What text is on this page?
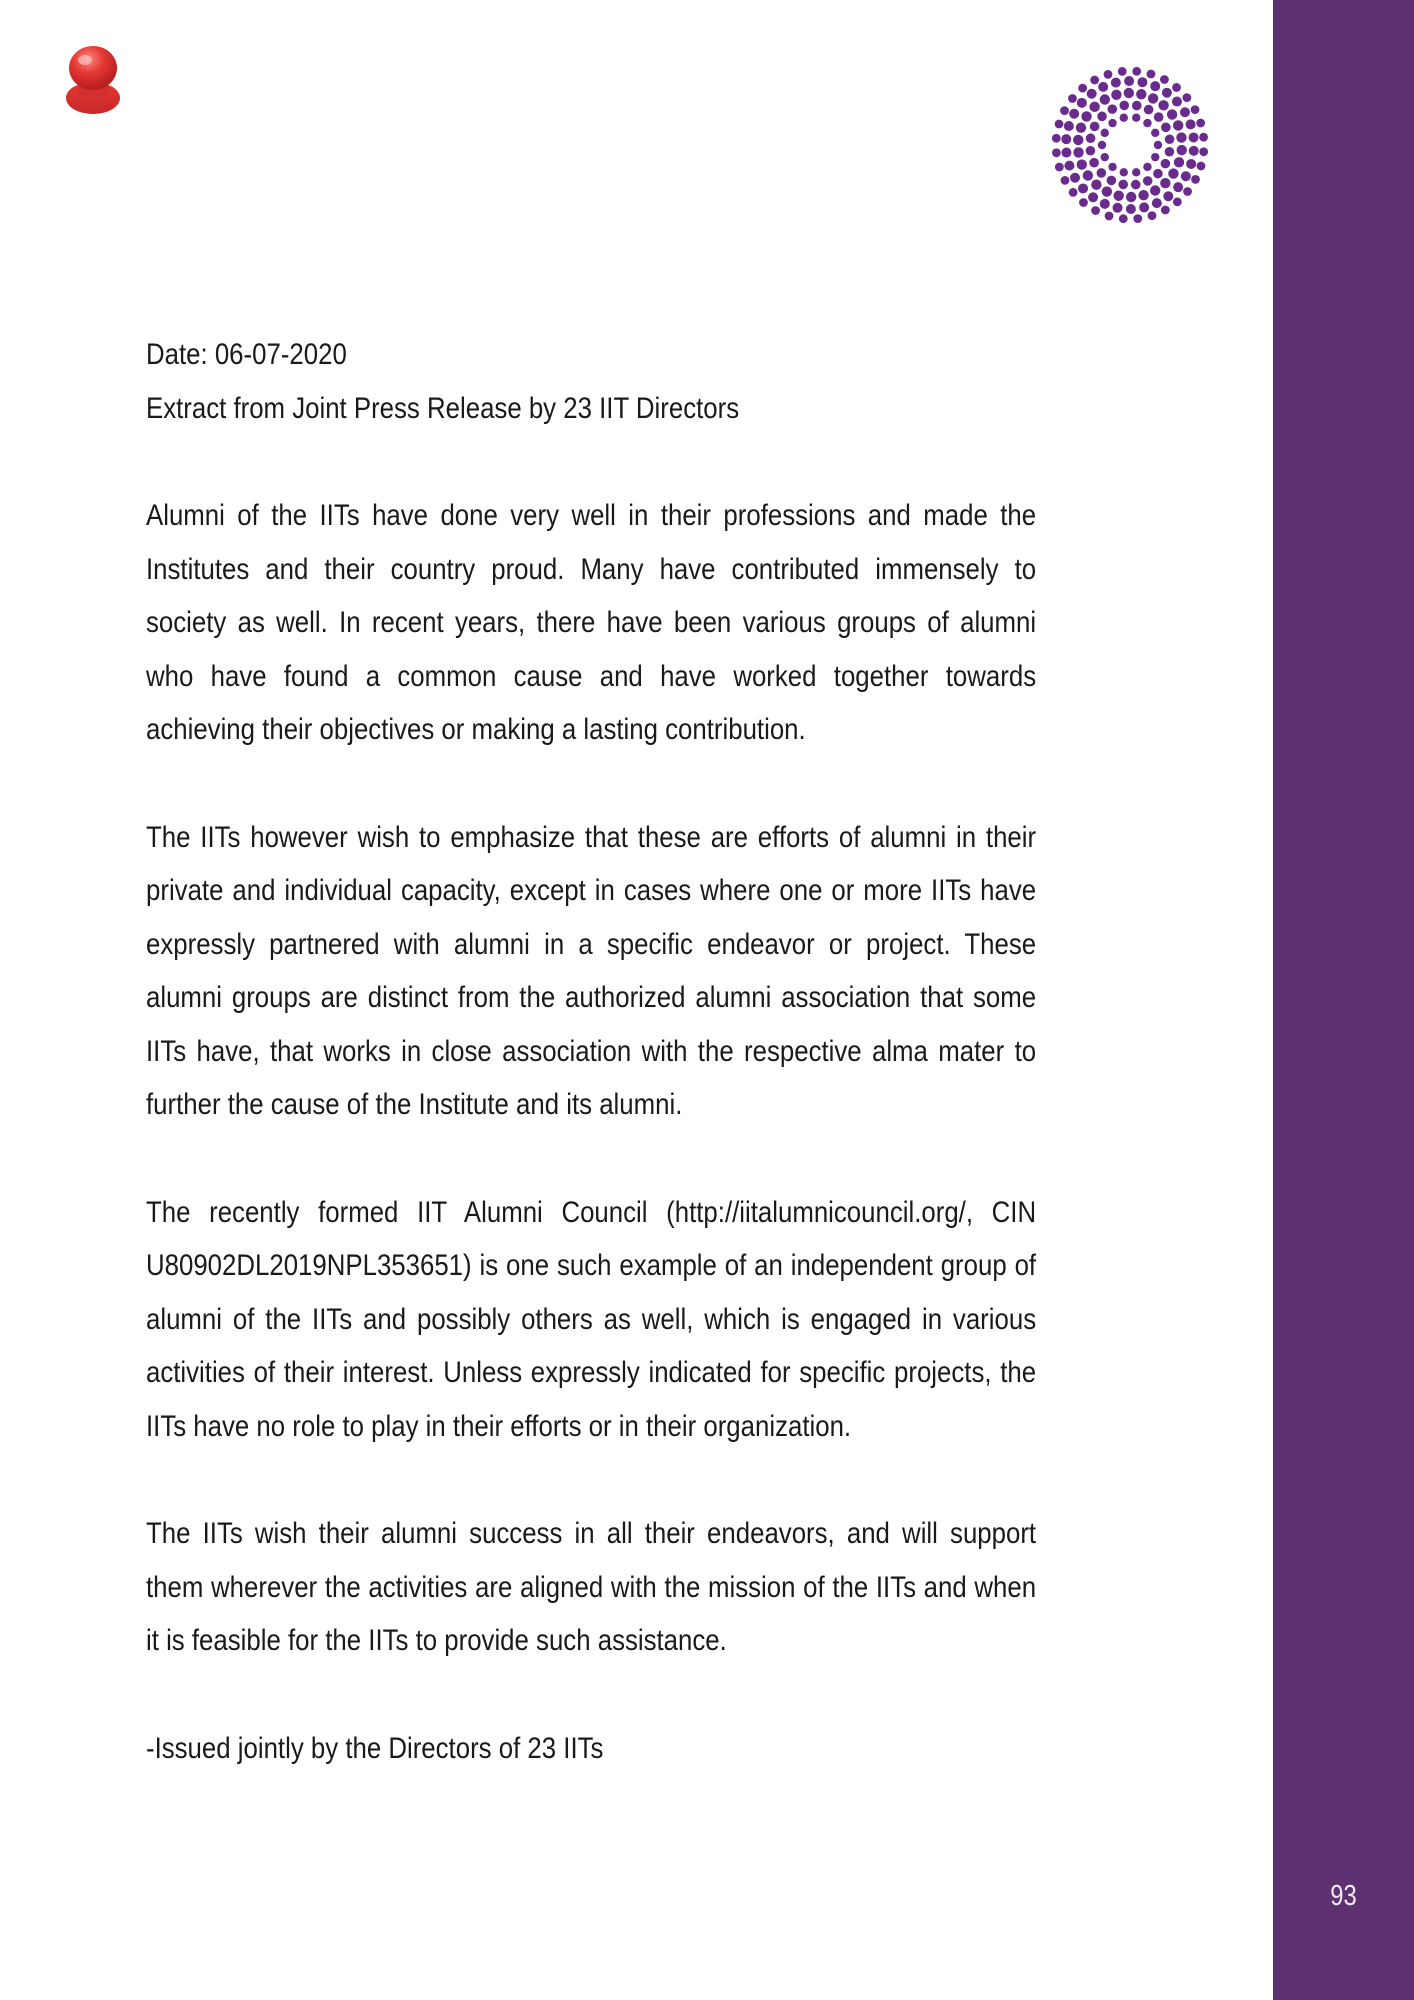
Date: 06-07-2020

Extract from Joint Press Release by 23 IIT Directors

Alumni of the IITs have done very well in their professions and made the Institutes and their country proud. Many have contributed immensely to society as well. In recent years, there have been various groups of alumni who have found a common cause and have worked together towards achieving their objectives or making a lasting contribution.

The IITs however wish to emphasize that these are efforts of alumni in their private and individual capacity, except in cases where one or more IITs have expressly partnered with alumni in a specific endeavor or project. These alumni groups are distinct from the authorized alumni association that some IITs have, that works in close association with the respective alma mater to further the cause of the Institute and its alumni.

The recently formed IIT Alumni Council (http://iitalumnicouncil.org/, CIN U80902DL2019NPL353651) is one such example of an independent group of alumni of the IITs and possibly others as well, which is engaged in various activities of their interest. Unless expressly indicated for specific projects, the IITs have no role to play in their efforts or in their organization.

The IITs wish their alumni success in all their endeavors, and will support them wherever the activities are aligned with the mission of the IITs and when it is feasible for the IITs to provide such assistance.

-Issued jointly by the Directors of 23 IITs

93
